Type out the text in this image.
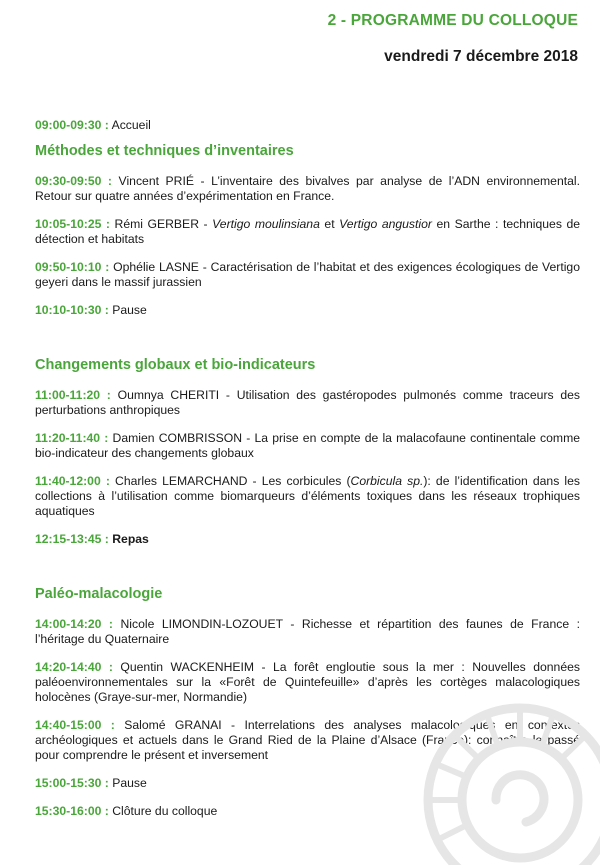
2 - PROGRAMME DU COLLOQUE
vendredi 7 décembre 2018

09:00-09:30 : Accueil

Méthodes et techniques d’inventaires

09:30-09:50 : Vincent PRIÉ - L’inventaire des bivalves par analyse de l’ADN environnemental. Retour sur quatre années d’expérimentation en France.

10:05-10:25 : Rémi GERBER - Vertigo moulinsiana et Vertigo angustior en Sarthe : techniques de détection et habitats

09:50-10:10 : Ophélie LASNE - Caractérisation de l’habitat et des exigences écologiques de Vertigo geyeri dans le massif jurassien

10:10-10:30 : Pause

Changements globaux et bio-indicateurs

11:00-11:20 : Oumnya CHERITI - Utilisation des gastéropodes pulmonés comme traceurs des perturbations anthropiques

11:20-11:40 : Damien COMBRISSON - La prise en compte de la malacofaune continentale comme bio-indicateur des changements globaux

11:40-12:00 : Charles LEMARCHAND - Les corbicules (Corbicula sp.): de l’identification dans les collections à l’utilisation comme biomarqueurs d’éléments toxiques dans les réseaux trophiques aquatiques

12:15-13:45 : Repas

Paléo-malacologie

14:00-14:20 : Nicole LIMONDIN-LOZOUET - Richesse et répartition des faunes de France : l’héritage du Quaternaire

14:20-14:40 : Quentin WACKENHEIM - La forêt engloutie sous la mer : Nouvelles données paléoenvironnementales sur la «Forêt de Quintefeuille» d’après les cortèges malacologiques holocènes (Graye-sur-mer, Normandie)

14:40-15:00 : Salomé GRANAI - Interrelations des analyses malacologiques en contextes archéologiques et actuels dans le Grand Ried de la Plaine d’Alsace (France): connaître le passé pour comprendre le présent et inversement

15:00-15:30 : Pause

15:30-16:00 : Clôture du colloque
